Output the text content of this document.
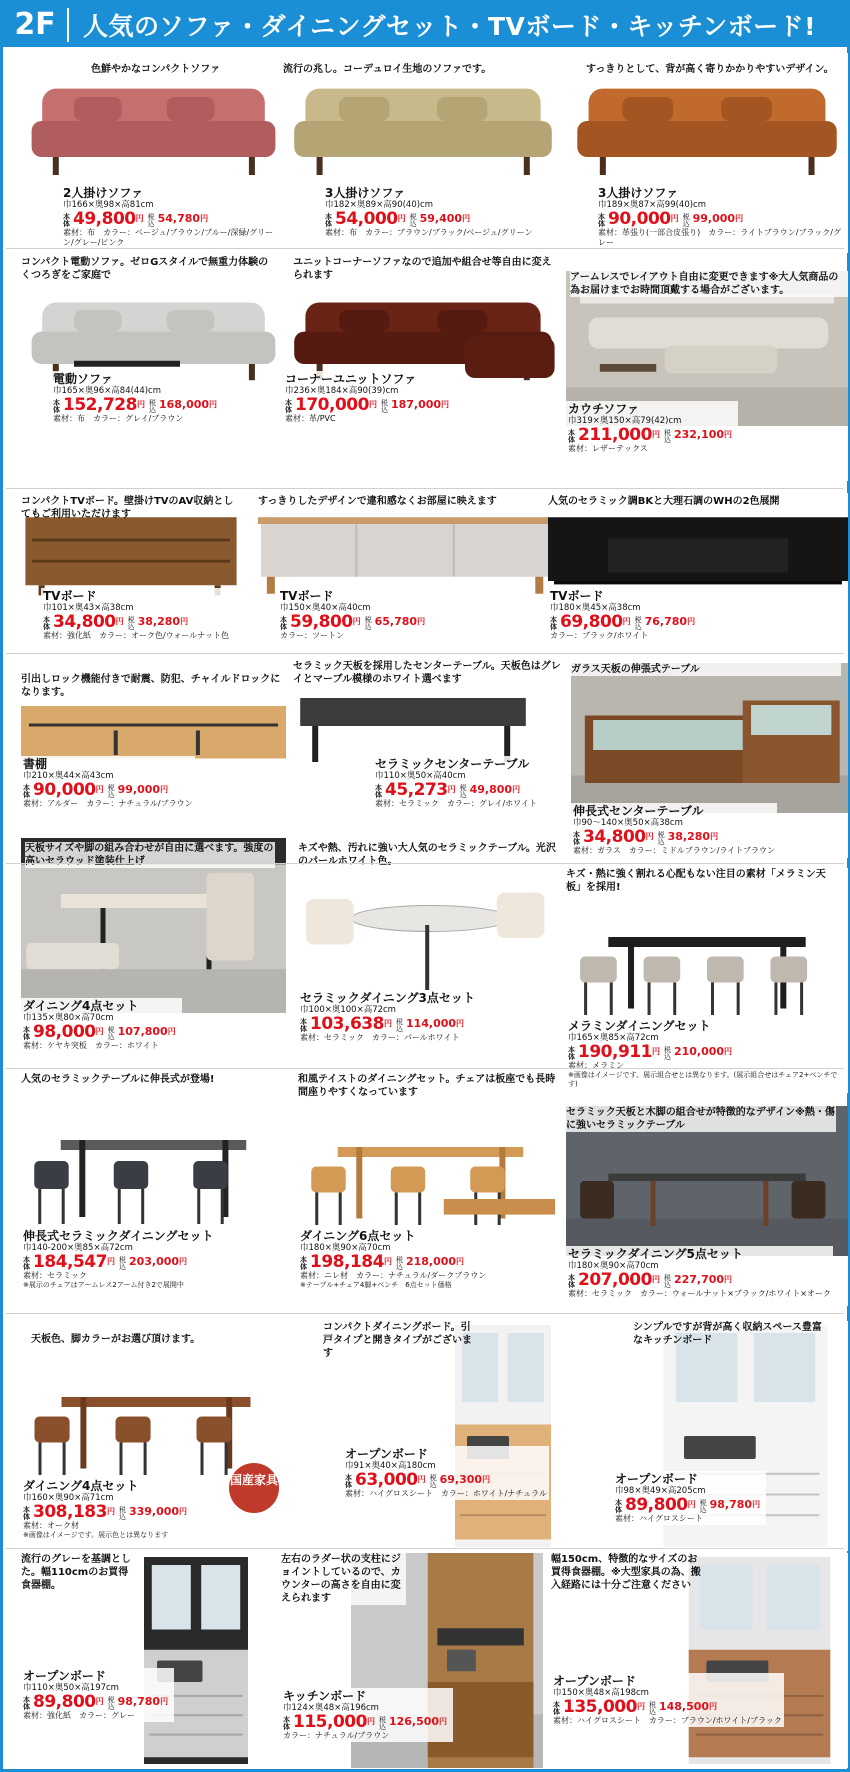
2F	人気のソファ・ダイニングセット・TVボード・キッチンボード!
色鮮やかなコンパクトソファ
2人掛けソファ
巾166×奥98×高81cm
本体 49,800 円 税込 54,780 円
素材：布　カラー：ベージュ/ブラウン/ブルー/深緑/グリーン/グレー/ピンク
流行の兆し。コーデュロイ生地のソファです。
3人掛けソファ
巾182×奥89×高90(40)cm
本体 54,000 円 税込 59,400 円
素材：布　カラー：ブラウン/ブラック/ベージュ/グリーン
すっきりとして、背が高く寄りかかりやすいデザイン。
3人掛けソファ
巾189×奥87×高99(40)cm
本体 90,000 円 税込 99,000 円
素材：革張り(一部合皮張り)　カラー：ライトブラウン/ブラック/グレー
コンパクト電動ソファ。ゼロGスタイルで無重力体験のくつろぎをご家庭で
電動ソファ
巾165×奥96×高84(44)cm
本体 152,728 円 税込 168,000 円
素材：布　カラー：グレイ/ブラウン
ユニットコーナーソファなので追加や組合せ等自由に変えられます
コーナーユニットソファ
巾236×奥184×高90(39)cm
本体 170,000 円 税込 187,000 円
素材：革/PVC
アームレスでレイアウト自由に変更できます※大人気商品の為お届けまでお時間頂戴する場合がございます。
カウチソファ
巾319×奥150×高79(42)cm
本体 211,000 円 税込 232,100 円
素材：レザーテックス
コンパクトTVボード。壁掛けTVのAV収納としてもご利用いただけます
TVボード
巾101×奥43×高38cm
本体 34,800 円 税込 38,280 円
素材：強化紙　カラー：オーク色/ウォールナット色
すっきりしたデザインで違和感なくお部屋に映えます
TVボード
巾150×奥40×高40cm
本体 59,800 円 税込 65,780 円
カラー：ツートン
人気のセラミック調BKと大理石調のWHの2色展開
TVボード
巾180×奥45×高38cm
本体 69,800 円 税込 76,780 円
カラー：ブラック/ホワイト
引出しロック機能付きで耐震、防犯、チャイルドロックになります。
書棚
巾210×奥44×高43cm
本体 90,000 円 税込 99,000 円
素材：アルダー　カラー：ナチュラル/ブラウン
セラミック天板を採用したセンターテーブル。天板色はグレイとマーブル模様のホワイト選べます
セラミックセンターテーブル
巾110×奥50×高40cm
本体 45,273 円 税込 49,800 円
素材：セラミック　カラー：グレイ/ホワイト
ガラス天板の伸張式テーブル
伸長式センターテーブル
巾90～140×奥50×高38cm
本体 34,800 円 税込 38,280 円
素材：ガラス　カラー：ミドルブラウン/ライトブラウン
天板サイズや脚の組み合わせが自由に選べます。強度の高いセラウッド塗装仕上げ
ダイニング4点セット
巾135×奥80×高70cm
本体 98,000 円 税込 107,800 円
素材：ケヤキ突板　カラー：ホワイト
キズや熱、汚れに強い大人気のセラミックテーブル。光沢のパールホワイト色。
セラミックダイニング3点セット
巾100×奥100×高72cm
本体 103,638 円 税込 114,000 円
素材：セラミック　カラー：パールホワイト
キズ・熱に強く割れる心配もない注目の素材「メラミン天板」を採用!
メラミンダイニングセット
巾165×奥85×高72cm
本体 190,911 円 税込 210,000 円
素材：メラミン
※画像はイメージです。展示組合せとは異なります。(展示組合せはチェア2+ベンチです)
人気のセラミックテーブルに伸長式が登場!
伸長式セラミックダイニングセット
巾140-200×奥85×高72cm
本体 184,547 円 税込 203,000 円
素材：セラミック
※展示のチェアはアームレス2アーム付き2で展開中
和風テイストのダイニングセット。チェアは板座でも長時間座りやすくなっています
ダイニング6点セット
巾180×奥90×高70cm
本体 198,184 円 税込 218,000 円
素材：ニレ材　カラー：ナチュラル/ダークブラウン
※テーブル+チェア4脚+ベンチ　6点セット価格
セラミック天板と木脚の組合せが特徴的なデザイン※熱・傷に強いセラミックテーブル
セラミックダイニング5点セット
巾180×奥90×高70cm
本体 207,000 円 税込 227,700 円
素材：セラミック　カラー：ウォールナット×ブラック/ホワイト×オーク
天板色、脚カラーがお選び頂けます。
ダイニング4点セット
巾160×奥90×高71cm
本体 308,183 円 税込 339,000 円
素材：オーク材
※画像はイメージです。展示色とは異なります
国産家具
コンパクトダイニングボード。引戸タイプと開きタイプがございます
オープンボード
巾91×奥40×高180cm
本体 63,000 円 税込 69,300 円
素材：ハイグロスシート　カラー：ホワイト/ナチュラル
シンプルですが背が高く収納スペース豊富なキッチンボード
オープンボード
巾98×奥49×高205cm
本体 89,800 円 税込 98,780 円
素材：ハイグロスシート
流行のグレーを基調とした。幅110cmのお買得食器棚。
オープンボード
巾110×奥50×高197cm
本体 89,800 円 税込 98,780 円
素材：強化紙　カラー：グレー
左右のラダー状の支柱にジョイントしているので、カウンターの高さを自由に変えられます
キッチンボード
巾124×奥48×高196cm
本体 115,000 円 税込 126,500 円
カラー：ナチュラル/ブラウン
幅150cm、特徴的なサイズのお買得食器棚。※大型家具の為、搬入経路には十分ご注意ください
オープンボード
巾150×奥48×高198cm
本体 135,000 円 税込 148,500 円
素材：ハイグロスシート　カラー：ブラウン/ホワイト/ブラック
